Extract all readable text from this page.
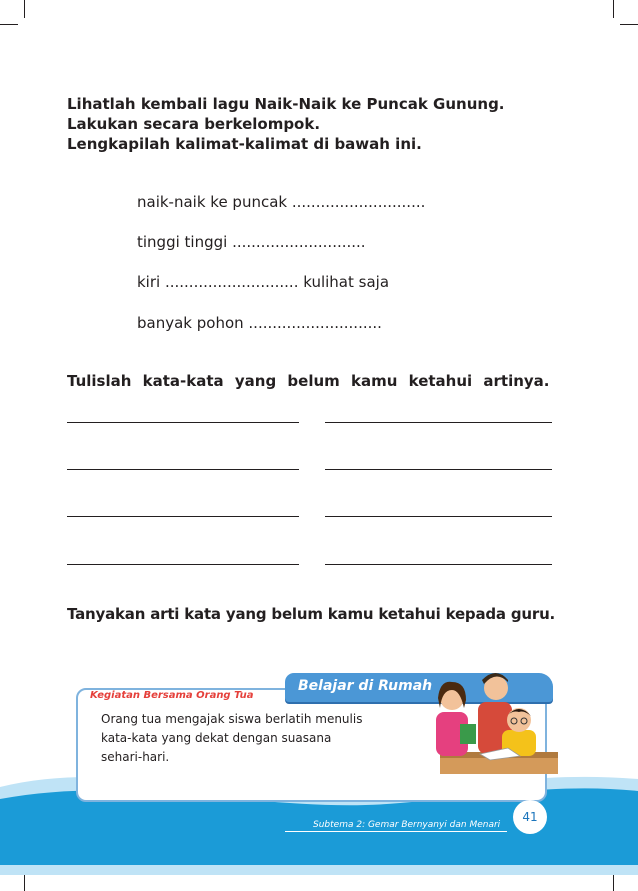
Lihatlah kembali lagu Naik-Naik ke Puncak Gunung.
Lakukan secara berkelompok.
Lengkapilah kalimat-kalimat di bawah ini.
naik-naik ke puncak ............................
tinggi tinggi ............................
kiri ............................ kulihat saja
banyak pohon ............................
Tulislah kata-kata yang belum kamu ketahui artinya.
Tanyakan arti kata yang belum kamu ketahui kepada guru.
Kegiatan Bersama Orang Tua
Belajar di Rumah
Orang tua mengajak siswa berlatih menulis
kata-kata yang dekat dengan suasana
sehari-hari.
Subtema 2: Gemar Bernyanyi dan Menari
41
